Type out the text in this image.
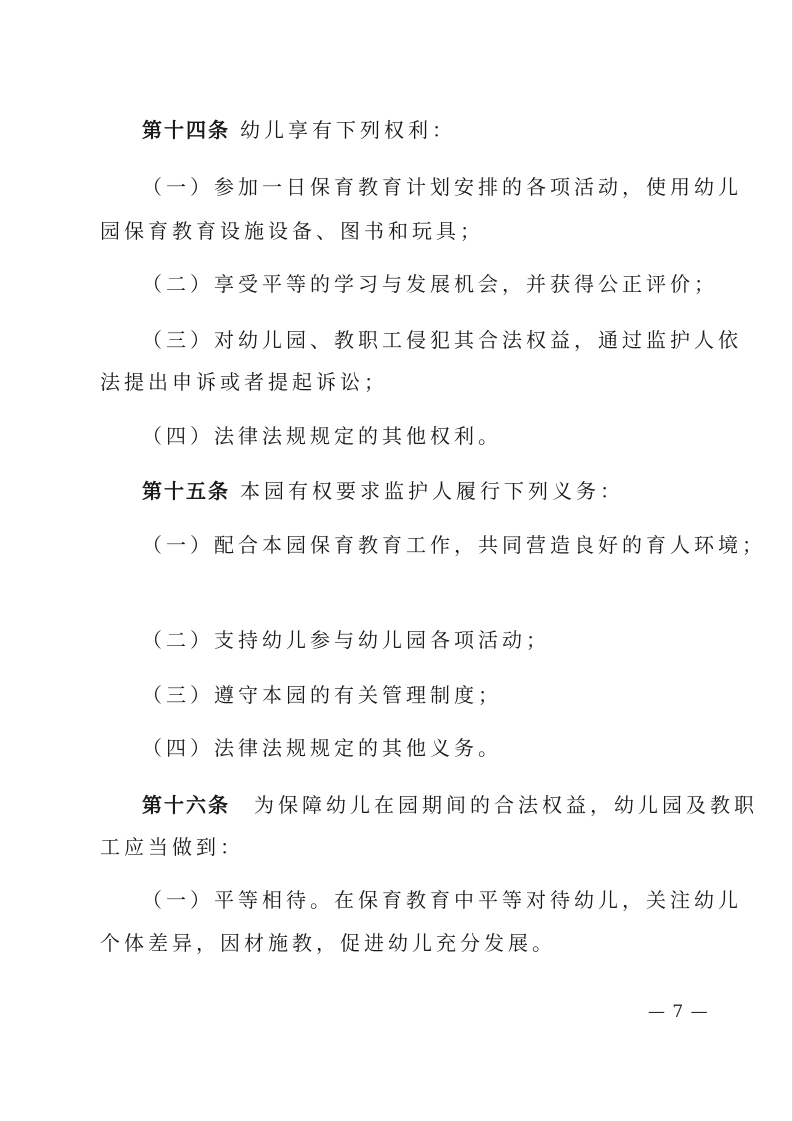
第十四条 幼儿享有下列权利：
（一）参加一日保育教育计划安排的各项活动，使用幼儿
园保育教育设施设备、图书和玩具；
（二）享受平等的学习与发展机会，并获得公正评价；
（三）对幼儿园、教职工侵犯其合法权益，通过监护人依
法提出申诉或者提起诉讼；
（四）法律法规规定的其他权利。
第十五条 本园有权要求监护人履行下列义务：
（一）配合本园保育教育工作，共同营造良好的育人环境；
（二）支持幼儿参与幼儿园各项活动；
（三）遵守本园的有关管理制度；
（四）法律法规规定的其他义务。
第十六条 为保障幼儿在园期间的合法权益，幼儿园及教职
工应当做到：
（一）平等相待。在保育教育中平等对待幼儿，关注幼儿
个体差异，因材施教，促进幼儿充分发展。
— 7 —
